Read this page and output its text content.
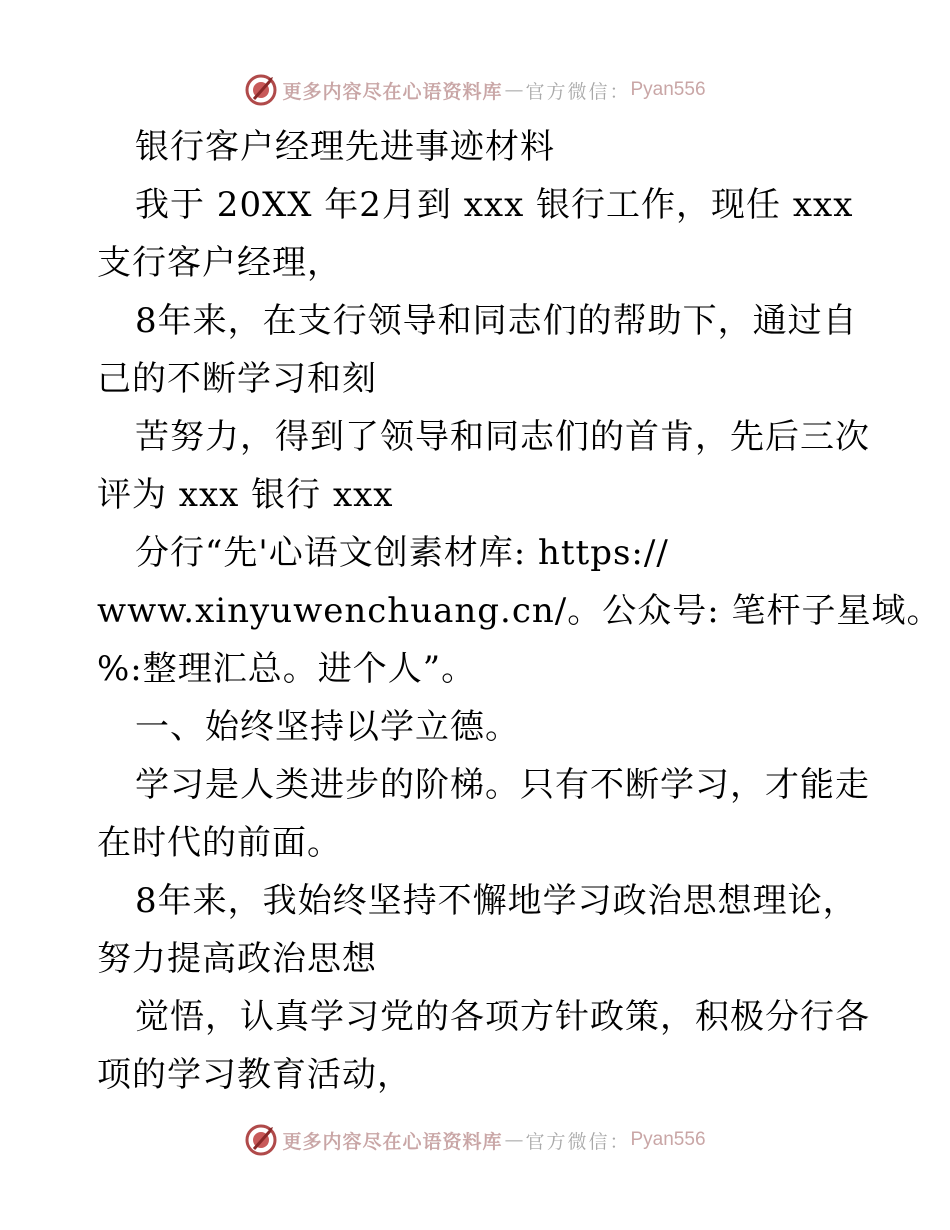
更多内容尽在心语资料库 — 官方微信： Pyan556
银行客户经理先进事迹材料
我于 20XX 年2月到 xxx 银行工作，现任 xxx
支行客户经理，
8年来，在支行领导和同志们的帮助下，通过自
己的不断学习和刻
苦努力，得到了领导和同志们的首肯，先后三次
评为 xxx 银行 xxx
分行“先'心语文创素材库: https://
www.xinyuwenchuang.cn/。公众号: 笔杆子星域。
%:整理汇总。进个人”。
一、始终坚持以学立德。
学习是人类进步的阶梯。只有不断学习，才能走
在时代的前面。
8年来，我始终坚持不懈地学习政治思想理论，
努力提高政治思想
觉悟，认真学习党的各项方针政策，积极分行各
项的学习教育活动，
更多内容尽在心语资料库 — 官方微信： Pyan556
